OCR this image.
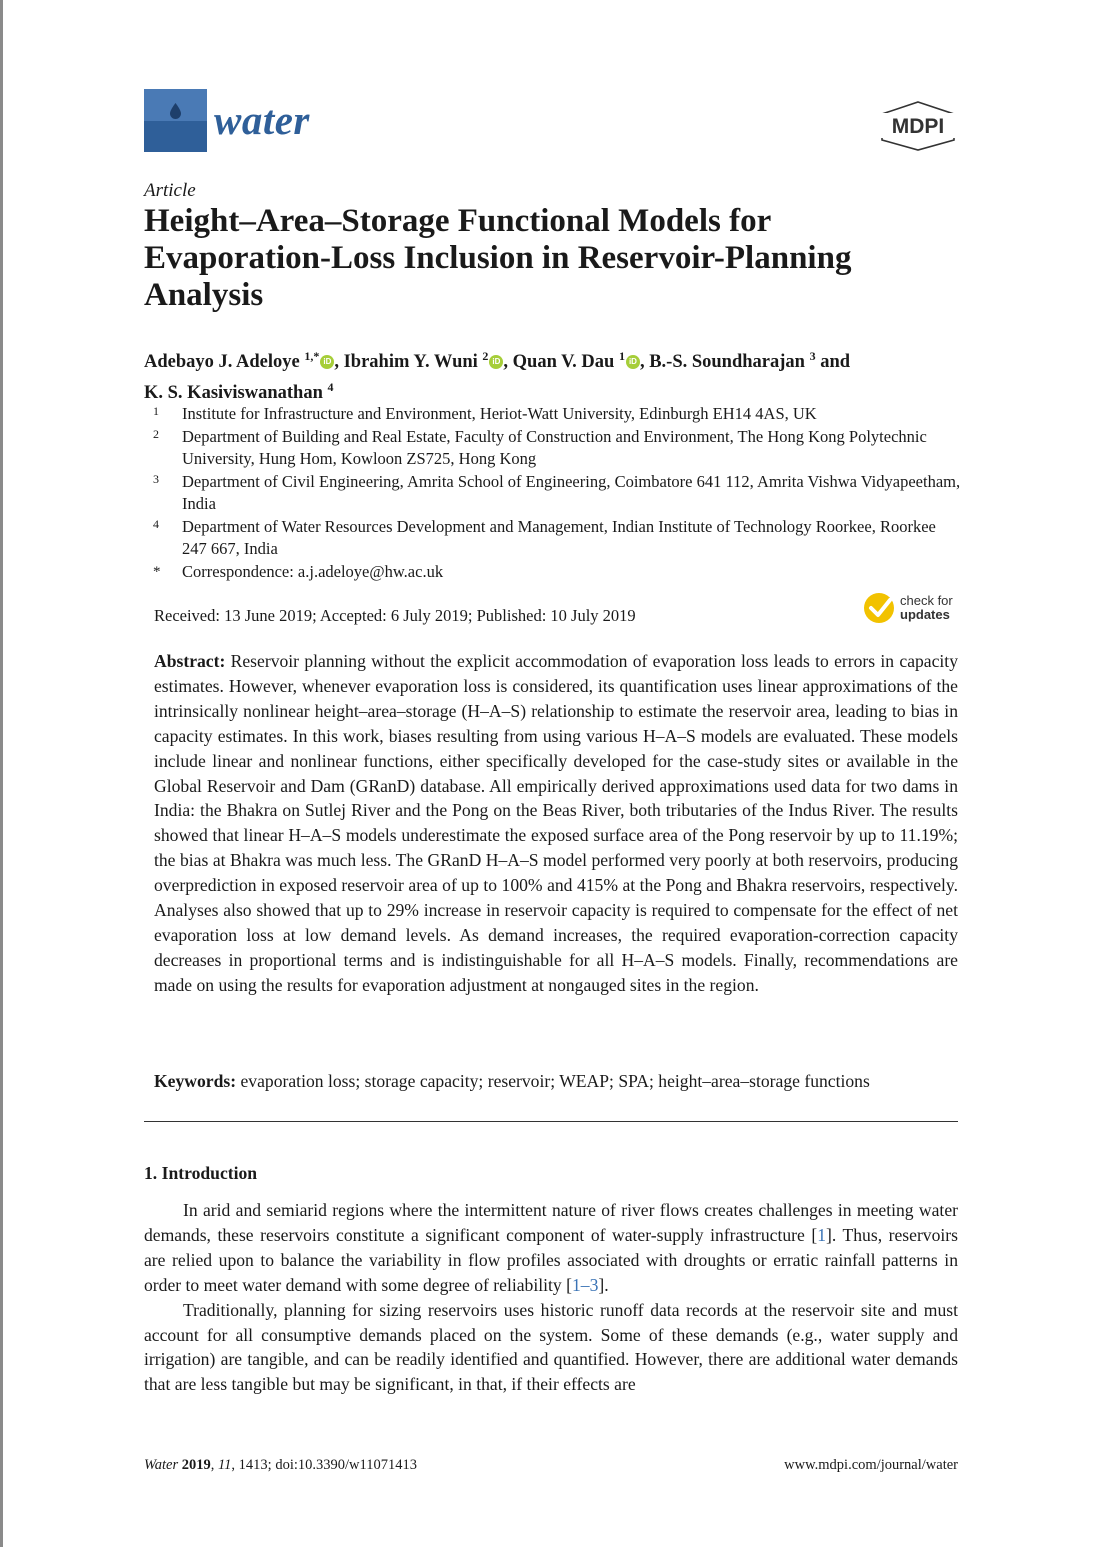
water	MDPI
Article
Height–Area–Storage Functional Models for Evaporation-Loss Inclusion in Reservoir-Planning Analysis
Adebayo J. Adeloye $^{1,*}$ iD , Ibrahim Y. Wuni $^2$ iD , Quan V. Dau $^1$ iD , B.-S. Soundharajan $^3$ and
K. S. Kasiviswanathan $^4$
1	Institute for Infrastructure and Environment, Heriot-Watt University, Edinburgh EH14 4AS, UK
2	Department of Building and Real Estate, Faculty of Construction and Environment, The Hong Kong Polytechnic University, Hung Hom, Kowloon ZS725, Hong Kong
3	Department of Civil Engineering, Amrita School of Engineering, Coimbatore 641 112, Amrita Vishwa Vidyapeetham, India
4	Department of Water Resources Development and Management, Indian Institute of Technology Roorkee, Roorkee 247 667, India
*	Correspondence: a.j.adeloye@hw.ac.uk
Received: 13 June 2019; Accepted: 6 July 2019; Published: 10 July 2019
check for
updates
Abstract: Reservoir planning without the explicit accommodation of evaporation loss leads to errors in capacity estimates. However, whenever evaporation loss is considered, its quantification uses linear approximations of the intrinsically nonlinear height–area–storage (H–A–S) relationship to estimate the reservoir area, leading to bias in capacity estimates. In this work, biases resulting from using various H–A–S models are evaluated. These models include linear and nonlinear functions, either specifically developed for the case-study sites or available in the Global Reservoir and Dam (GRanD) database. All empirically derived approximations used data for two dams in India: the Bhakra on Sutlej River and the Pong on the Beas River, both tributaries of the Indus River. The results showed that linear H–A–S models underestimate the exposed surface area of the Pong reservoir by up to 11.19%; the bias at Bhakra was much less. The GRanD H–A–S model performed very poorly at both reservoirs, producing overprediction in exposed reservoir area of up to 100% and 415% at the Pong and Bhakra reservoirs, respectively. Analyses also showed that up to 29% increase in reservoir capacity is required to compensate for the effect of net evaporation loss at low demand levels. As demand increases, the required evaporation-correction capacity decreases in proportional terms and is indistinguishable for all H–A–S models. Finally, recommendations are made on using the results for evaporation adjustment at nongauged sites in the region.
Keywords: evaporation loss; storage capacity; reservoir; WEAP; SPA; height–area–storage functions
1. Introduction

In arid and semiarid regions where the intermittent nature of river flows creates challenges in meeting water demands, these reservoirs constitute a significant component of water-supply infrastructure [1]. Thus, reservoirs are relied upon to balance the variability in flow profiles associated with droughts or erratic rainfall patterns in order to meet water demand with some degree of reliability [1–3].

Traditionally, planning for sizing reservoirs uses historic runoff data records at the reservoir site and must account for all consumptive demands placed on the system. Some of these demands (e.g., water supply and irrigation) are tangible, and can be readily identified and quantified. However, there are additional water demands that are less tangible but may be significant, in that, if their effects are

Water 2019, 11, 1413; doi:10.3390/w11071413	www.mdpi.com/journal/water
